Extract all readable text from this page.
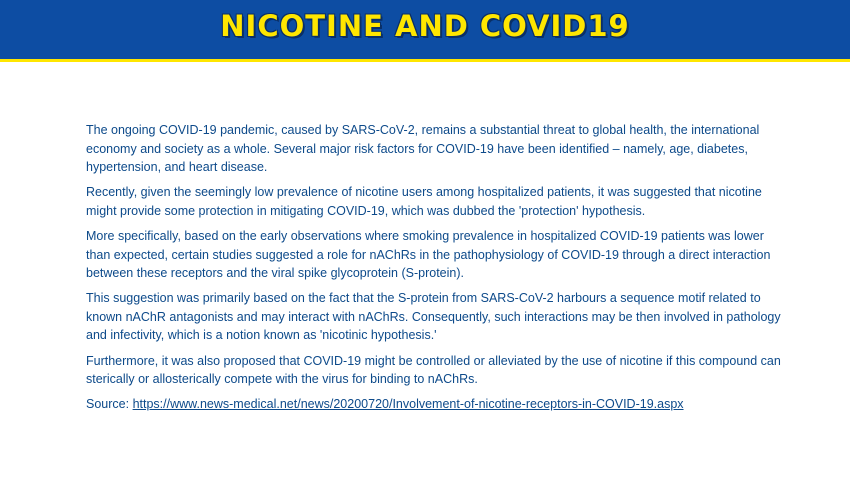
NICOTINE AND COVID19

The ongoing COVID-19 pandemic, caused by SARS-CoV-2, remains a substantial threat to global health, the international economy and society as a whole. Several major risk factors for COVID-19 have been identified – namely, age, diabetes, hypertension, and heart disease.

Recently, given the seemingly low prevalence of nicotine users among hospitalized patients, it was suggested that nicotine might provide some protection in mitigating COVID-19, which was dubbed the 'protection' hypothesis.

More specifically, based on the early observations where smoking prevalence in hospitalized COVID-19 patients was lower than expected, certain studies suggested a role for nAChRs in the pathophysiology of COVID-19 through a direct interaction between these receptors and the viral spike glycoprotein (S-protein).

This suggestion was primarily based on the fact that the S-protein from SARS-CoV-2 harbours a sequence motif related to known nAChR antagonists and may interact with nAChRs. Consequently, such interactions may be then involved in pathology and infectivity, which is a notion known as 'nicotinic hypothesis.'

Furthermore, it was also proposed that COVID-19 might be controlled or alleviated by the use of nicotine if this compound can sterically or allosterically compete with the virus for binding to nAChRs.

Source: https://www.news-medical.net/news/20200720/Involvement-of-nicotine-receptors-in-COVID-19.aspx
